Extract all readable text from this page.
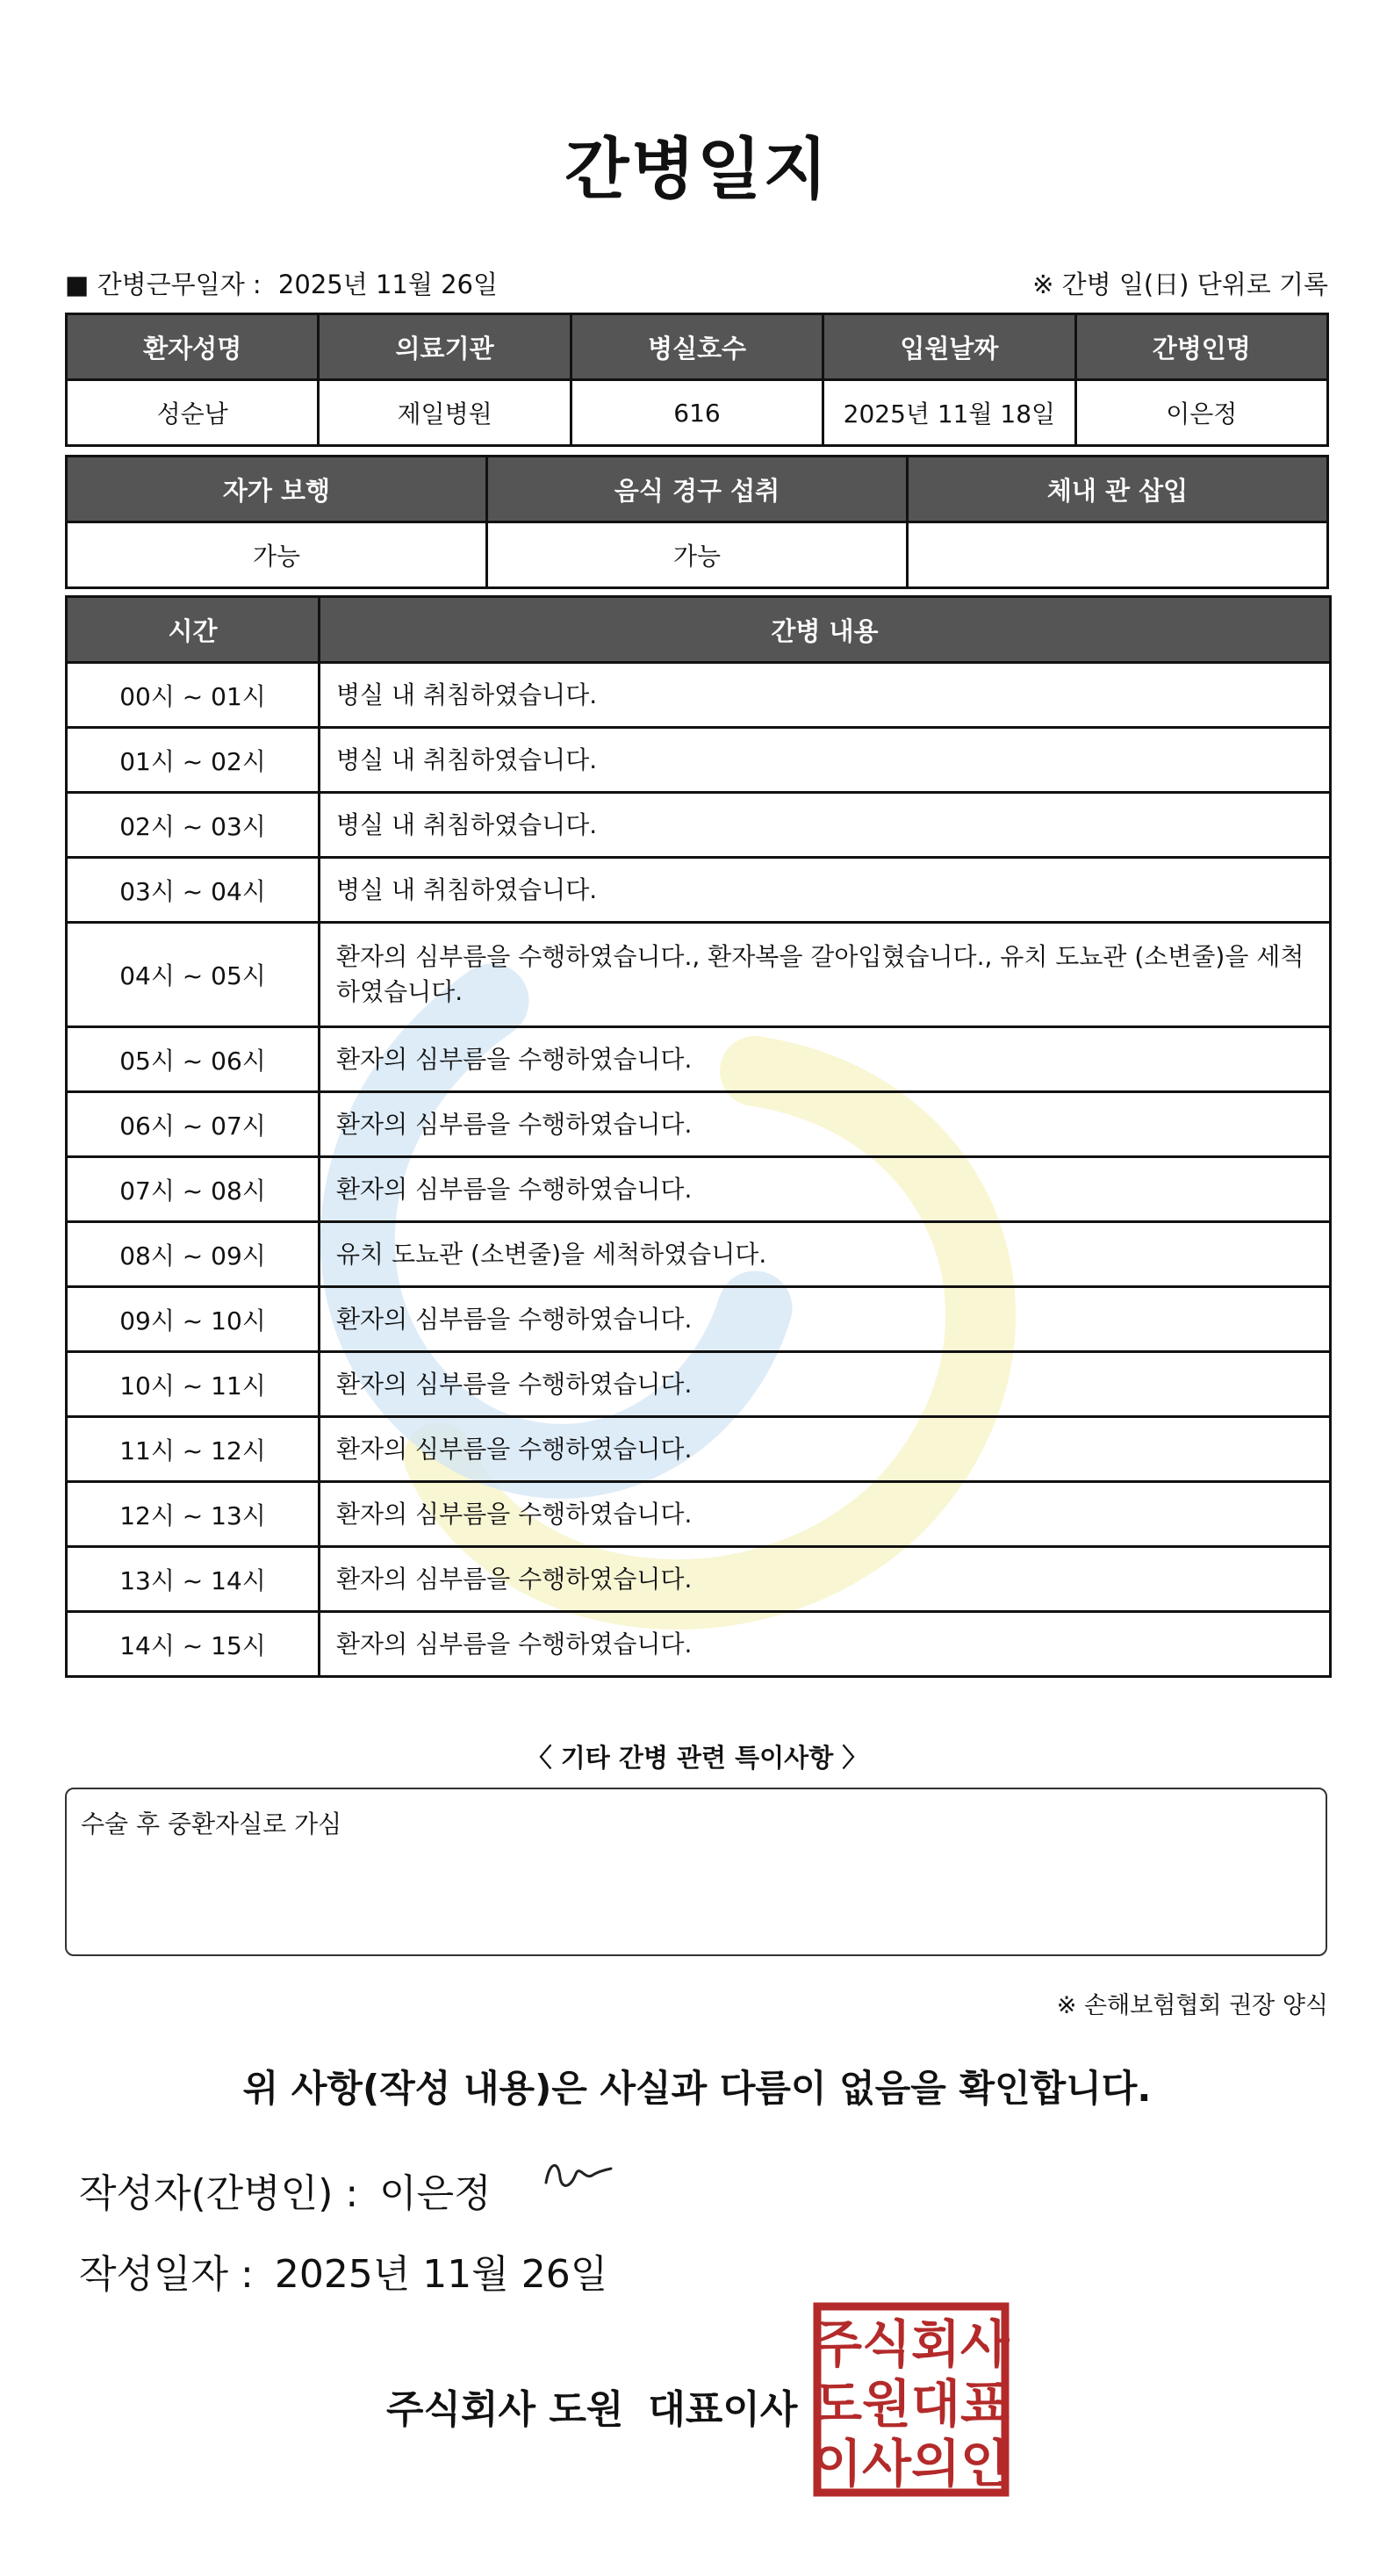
간병일지
■ 간병근무일자 : 2025년 11월 26일	※ 간병 일(日) 단위로 기록
환자성명	의료기관	병실호수	입원날짜	간병인명
성순남	제일병원	616	2025년 11월 18일	이은정
자가 보행	음식 경구 섭취	체내 관 삽입
가능	가능	
시간	간병 내용
00시 ~ 01시	병실 내 취침하였습니다.
01시 ~ 02시	병실 내 취침하였습니다.
02시 ~ 03시	병실 내 취침하였습니다.
03시 ~ 04시	병실 내 취침하였습니다.
04시 ~ 05시	환자의 심부름을 수행하였습니다., 환자복을 갈아입혔습니다., 유치 도뇨관 (소변줄)을 세척하였습니다.
05시 ~ 06시	환자의 심부름을 수행하였습니다.
06시 ~ 07시	환자의 심부름을 수행하였습니다.
07시 ~ 08시	환자의 심부름을 수행하였습니다.
08시 ~ 09시	유치 도뇨관 (소변줄)을 세척하였습니다.
09시 ~ 10시	환자의 심부름을 수행하였습니다.
10시 ~ 11시	환자의 심부름을 수행하였습니다.
11시 ~ 12시	환자의 심부름을 수행하였습니다.
12시 ~ 13시	환자의 심부름을 수행하였습니다.
13시 ~ 14시	환자의 심부름을 수행하였습니다.
14시 ~ 15시	환자의 심부름을 수행하였습니다.
〈 기타 간병 관련 특이사항 〉
수술 후 중환자실로 가심
※ 손해보험협회 권장 양식
위 사항(작성 내용)은 사실과 다름이 없음을 확인합니다.
작성자(간병인) : 이은정
작성일자 : 2025년 11월 26일
주식회사 도원 대표이사
주식회사
도원대표
이사의인
